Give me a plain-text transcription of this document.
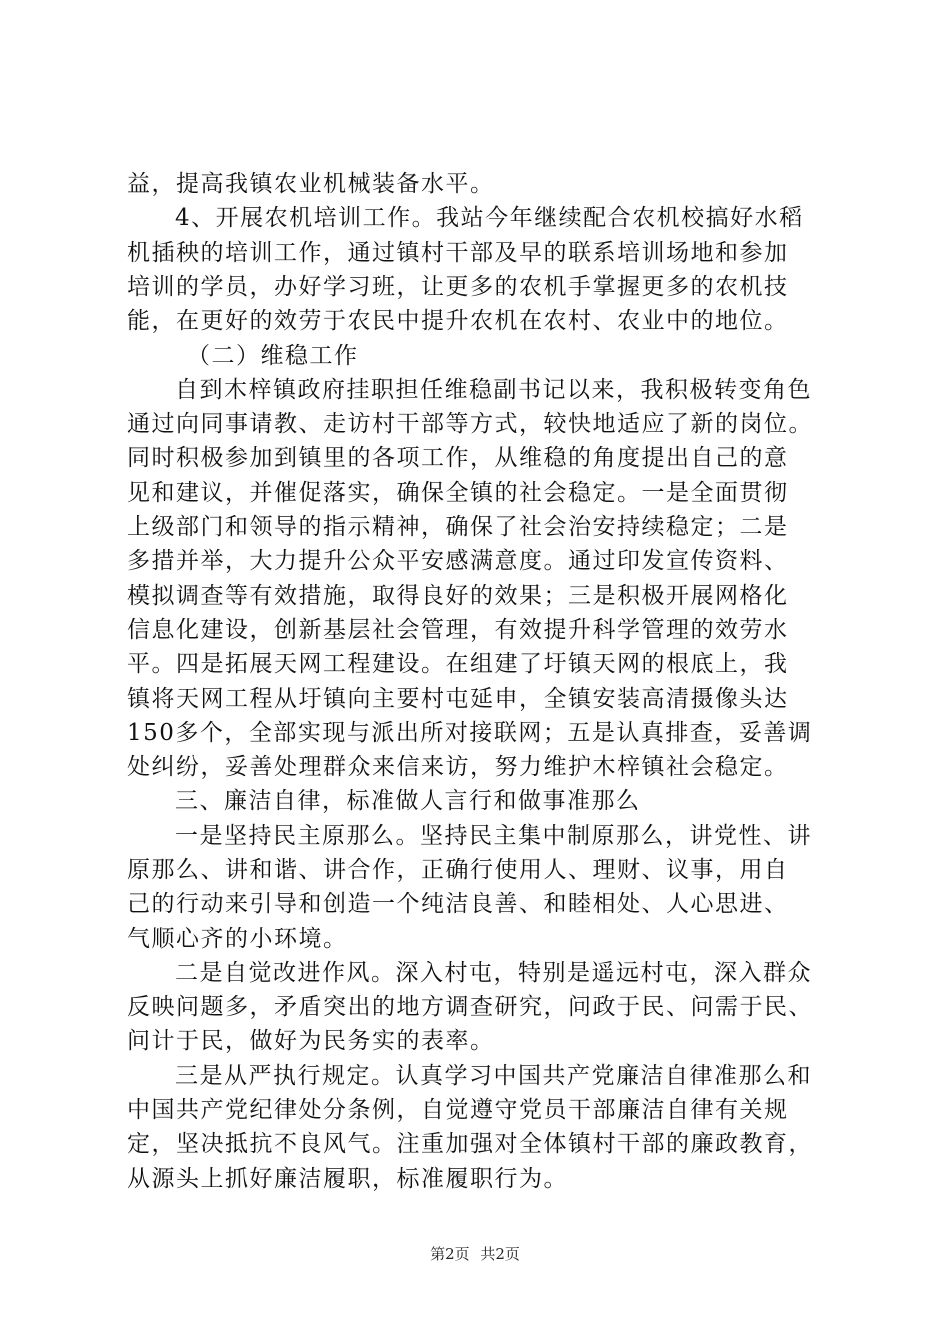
益，提高我镇农业机械装备水平。
4、开展农机培训工作。我站今年继续配合农机校搞好水稻
机插秧的培训工作，通过镇村干部及早的联系培训场地和参加
培训的学员，办好学习班，让更多的农机手掌握更多的农机技
能，在更好的效劳于农民中提升农机在农村、农业中的地位。
（二）维稳工作
自到木梓镇政府挂职担任维稳副书记以来，我积极转变角色
通过向同事请教、走访村干部等方式，较快地适应了新的岗位。
同时积极参加到镇里的各项工作，从维稳的角度提出自己的意
见和建议，并催促落实，确保全镇的社会稳定。一是全面贯彻
上级部门和领导的指示精神，确保了社会治安持续稳定；二是
多措并举，大力提升公众平安感满意度。通过印发宣传资料、
模拟调查等有效措施，取得良好的效果；三是积极开展网格化
信息化建设，创新基层社会管理，有效提升科学管理的效劳水
平。四是拓展天网工程建设。在组建了圩镇天网的根底上，我
镇将天网工程从圩镇向主要村屯延申，全镇安装高清摄像头达
150多个，全部实现与派出所对接联网；五是认真排查，妥善调
处纠纷，妥善处理群众来信来访，努力维护木梓镇社会稳定。
三、廉洁自律，标准做人言行和做事准那么
一是坚持民主原那么。坚持民主集中制原那么，讲党性、讲
原那么、讲和谐、讲合作，正确行使用人、理财、议事，用自
己的行动来引导和创造一个纯洁良善、和睦相处、人心思进、
气顺心齐的小环境。
二是自觉改进作风。深入村屯，特别是遥远村屯，深入群众
反映问题多，矛盾突出的地方调查研究，问政于民、问需于民、
问计于民，做好为民务实的表率。
三是从严执行规定。认真学习中国共产党廉洁自律准那么和
中国共产党纪律处分条例，自觉遵守党员干部廉洁自律有关规
定，坚决抵抗不良风气。注重加强对全体镇村干部的廉政教育，
从源头上抓好廉洁履职，标准履职行为。
第2页 共2页
